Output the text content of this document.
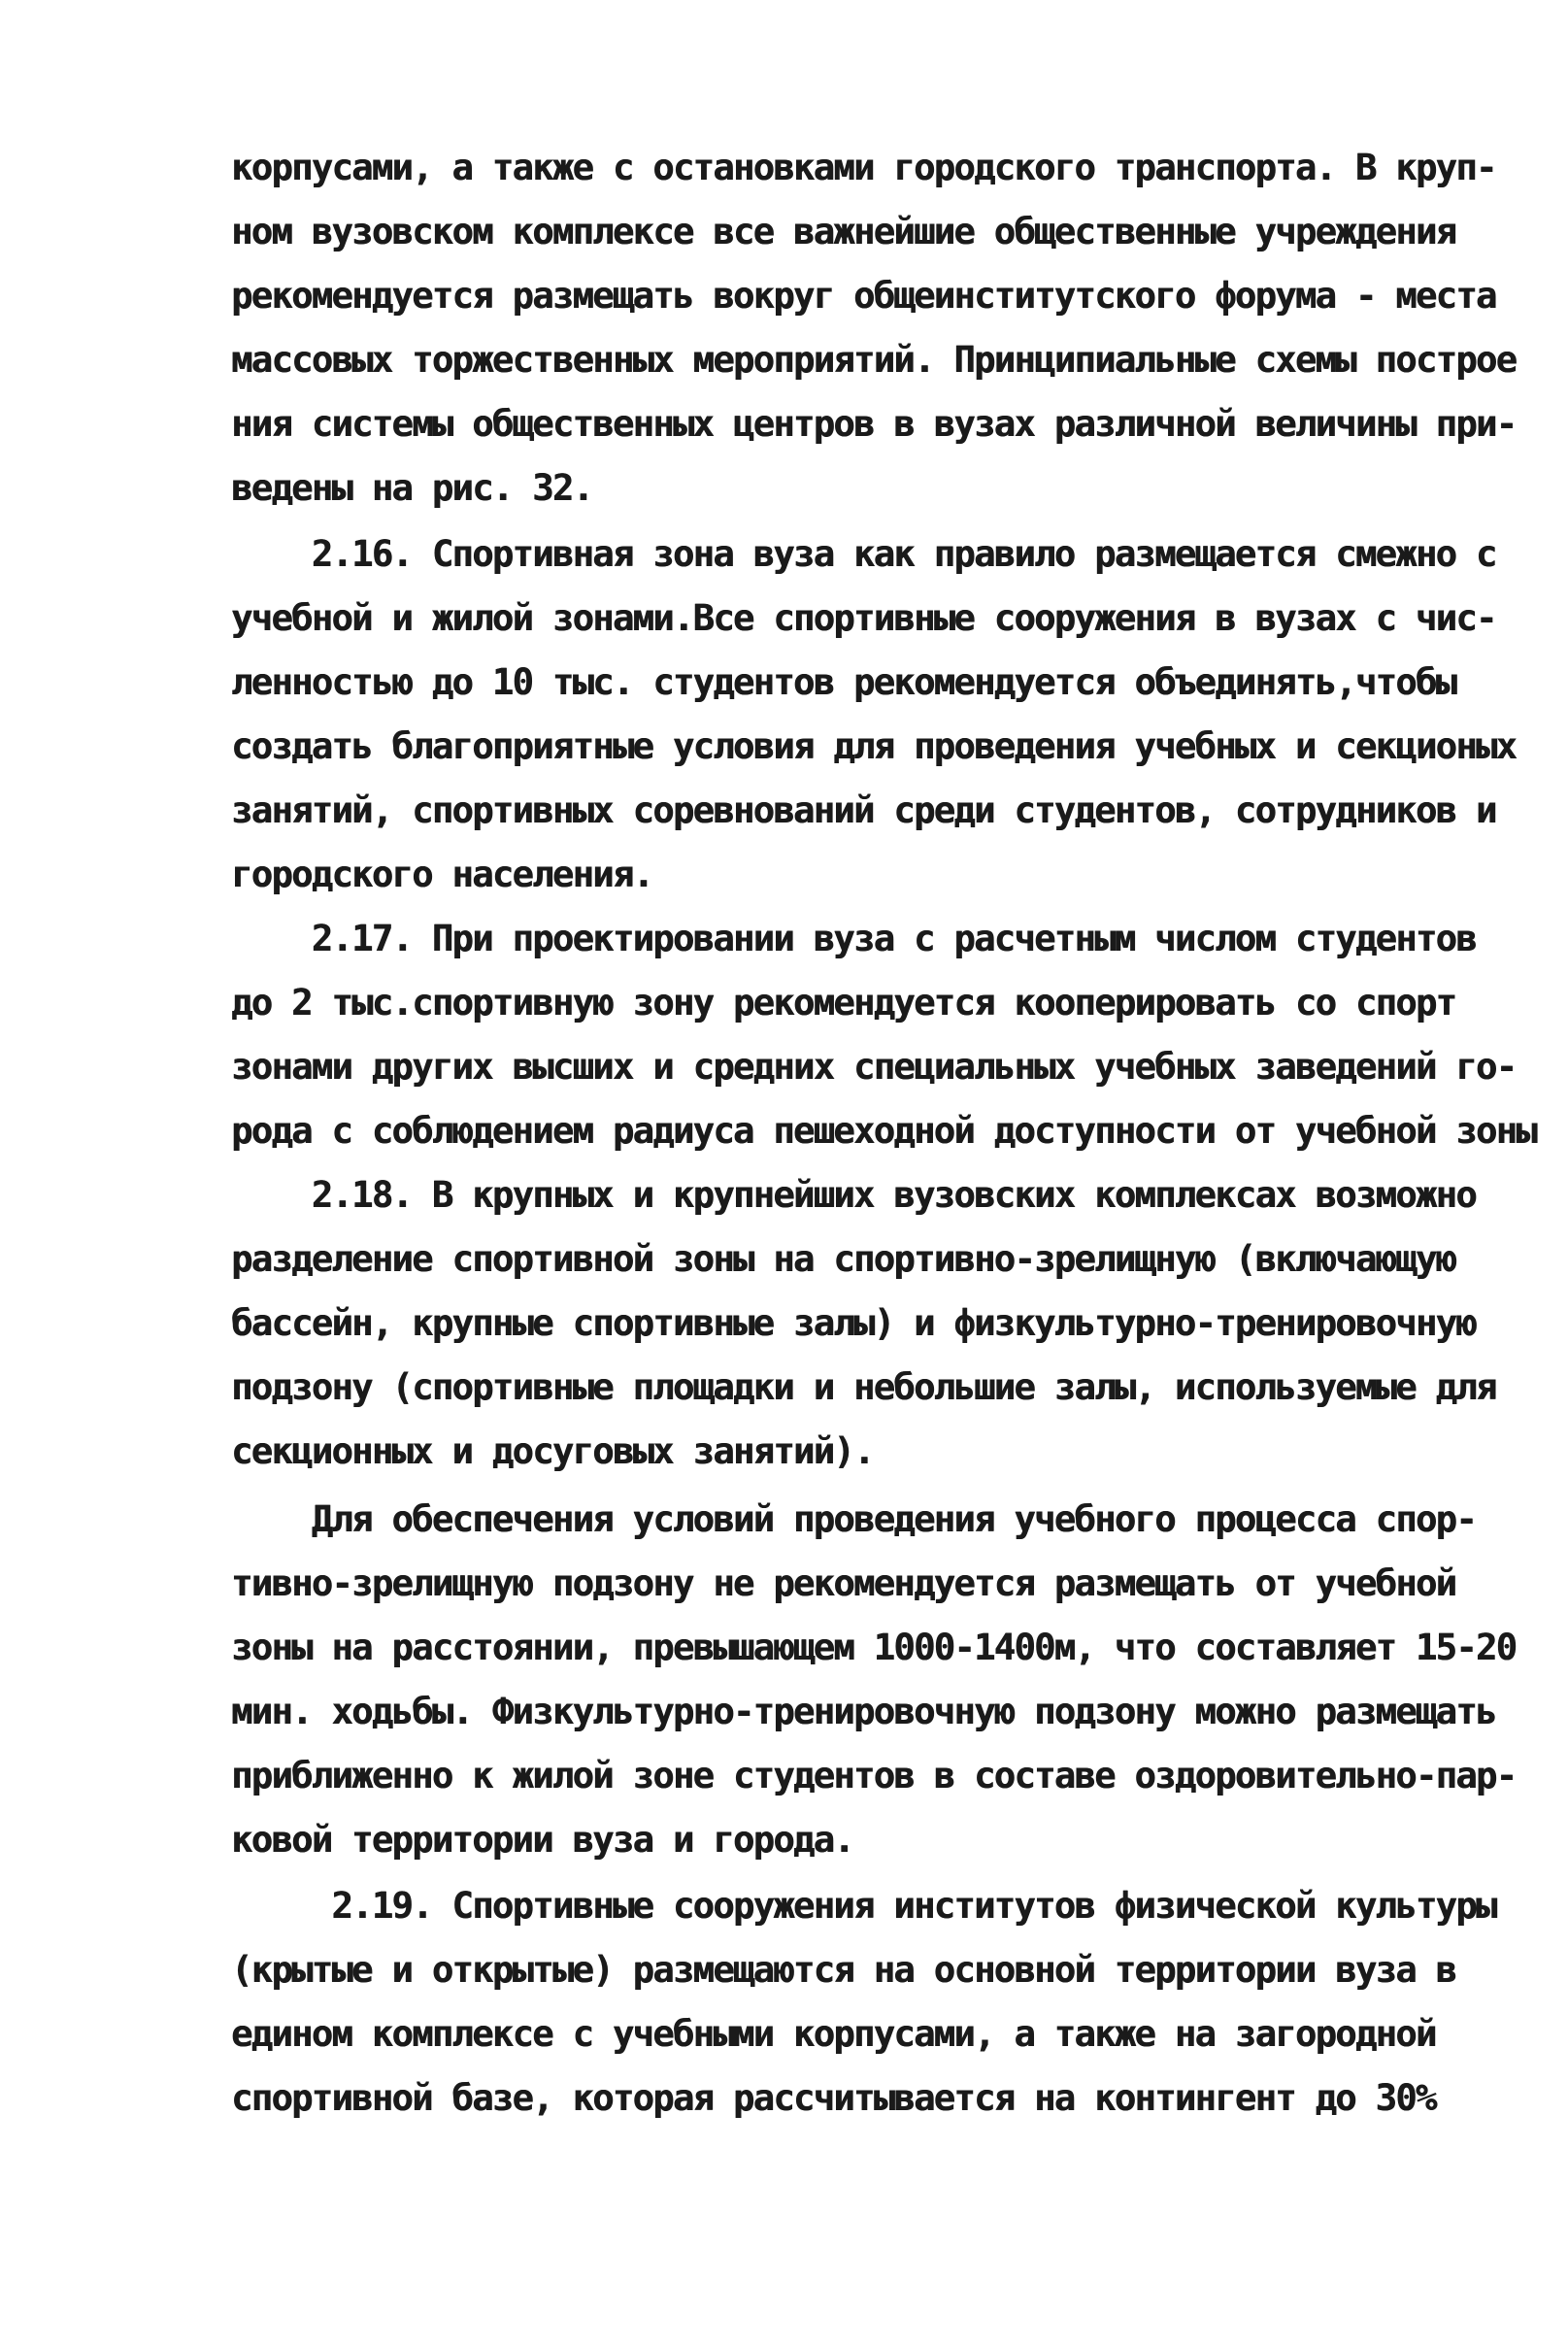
корпусами, а также с остановками городского транспорта. В круп-

ном вузовском комплексе все важнейшие общественные учреждения

рекомендуется размещать вокруг общеинститутского форума - места

массовых торжественных мероприятий. Принципиальные схемы построе

ния системы общественных центров в вузах различной величины при-

ведены на рис. 32.

2.16. Спортивная зона вуза как правило размещается смежно с

учебной и жилой зонами.Все спортивные сооружения в вузах с чис-

ленностью до 10 тыс. студентов рекомендуется объединять,чтобы

создать благоприятные условия для проведения учебных и секционых

занятий, спортивных соревнований среди студентов, сотрудников и

городского населения.

2.17. При проектировании вуза с расчетным числом студентов

до 2 тыс.спортивную зону рекомендуется кооперировать со спорт

зонами других высших и средних специальных учебных заведений го-

рода с соблюдением радиуса пешеходной доступности от учебной зоны

2.18. В крупных и крупнейших вузовских комплексах возможно

разделение спортивной зоны на спортивно-зрелищную (включающую

бассейн, крупные спортивные залы) и физкультурно-тренировочную

подзону (спортивные площадки и небольшие залы, используемые для

секционных и досуговых занятий).

Для обеспечения условий проведения учебного процесса спор-

тивно-зрелищную подзону не рекомендуется размещать от учебной

зоны на расстоянии, превышающем 1000-1400м, что составляет 15-20

мин. ходьбы. Физкультурно-тренировочную подзону можно размещать

приближенно к жилой зоне студентов в составе оздоровительно-пар-

ковой территории вуза и города.

2.19. Спортивные сооружения институтов физической культуры

(крытые и открытые) размещаются на основной территории вуза в

едином комплексе с учебными корпусами, а также на загородной

спортивной базе, которая рассчитывается на контингент до 30%
